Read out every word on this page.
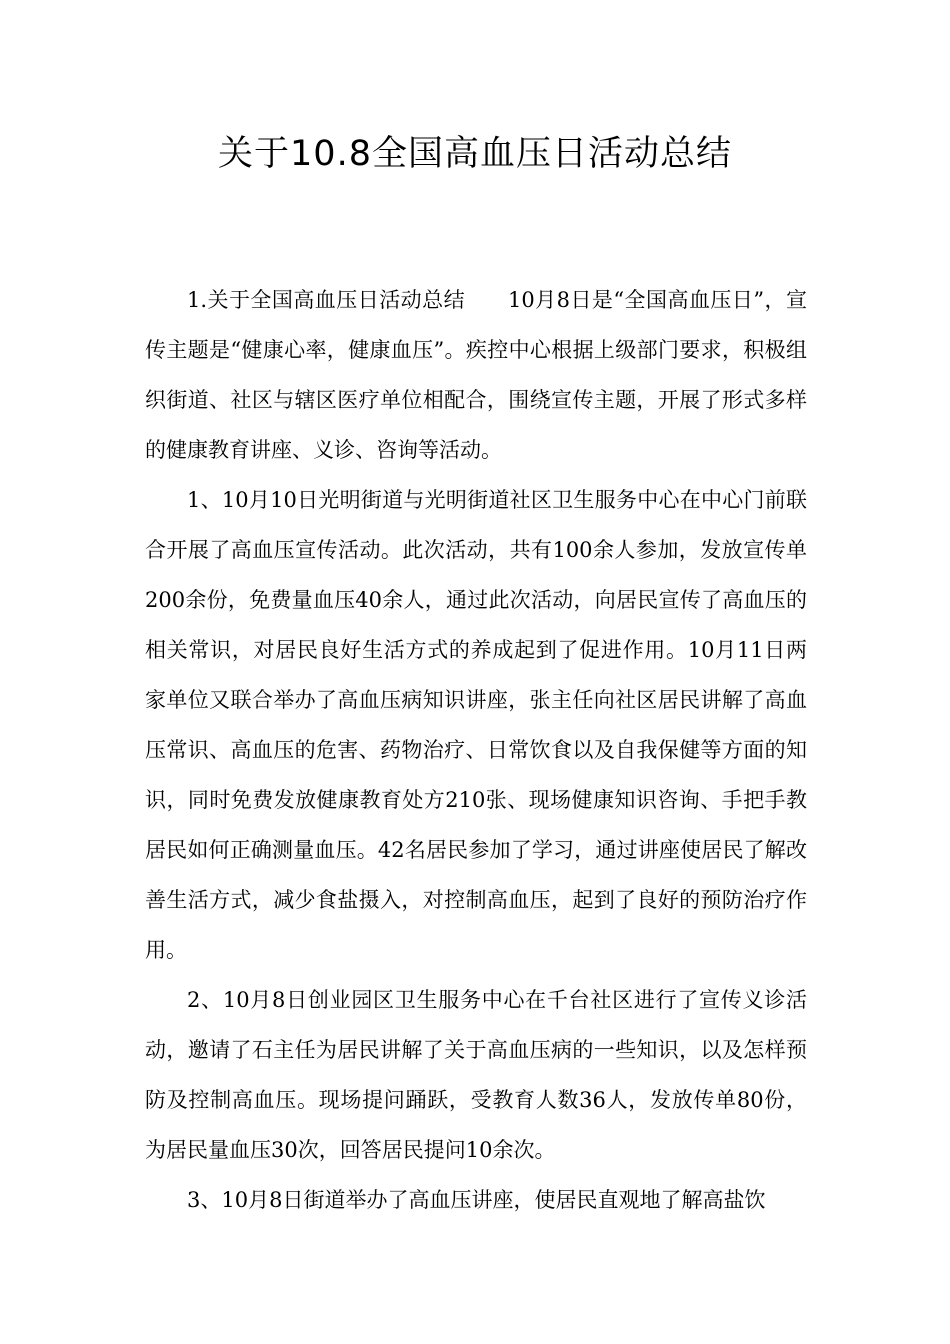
关于10.8全国高血压日活动总结

1.关于全国高血压日活动总结　　10月8日是“全国高血压日”，宣传主题是“健康心率，健康血压”。疾控中心根据上级部门要求，积极组织街道、社区与辖区医疗单位相配合，围绕宣传主题，开展了形式多样的健康教育讲座、义诊、咨询等活动。

1、10月10日光明街道与光明街道社区卫生服务中心在中心门前联合开展了高血压宣传活动。此次活动，共有100余人参加，发放宣传单200余份，免费量血压40余人，通过此次活动，向居民宣传了高血压的相关常识，对居民良好生活方式的养成起到了促进作用。10月11日两家单位又联合举办了高血压病知识讲座，张主任向社区居民讲解了高血压常识、高血压的危害、药物治疗、日常饮食以及自我保健等方面的知识，同时免费发放健康教育处方210张、现场健康知识咨询、手把手教居民如何正确测量血压。42名居民参加了学习，通过讲座使居民了解改善生活方式，减少食盐摄入，对控制高血压，起到了良好的预防治疗作用。

2、10月8日创业园区卫生服务中心在千台社区进行了宣传义诊活动，邀请了石主任为居民讲解了关于高血压病的一些知识，以及怎样预防及控制高血压。现场提问踊跃，受教育人数36人，发放传单80份，为居民量血压30次，回答居民提问10余次。

3、10月8日街道举办了高血压讲座，使居民直观地了解高盐饮
